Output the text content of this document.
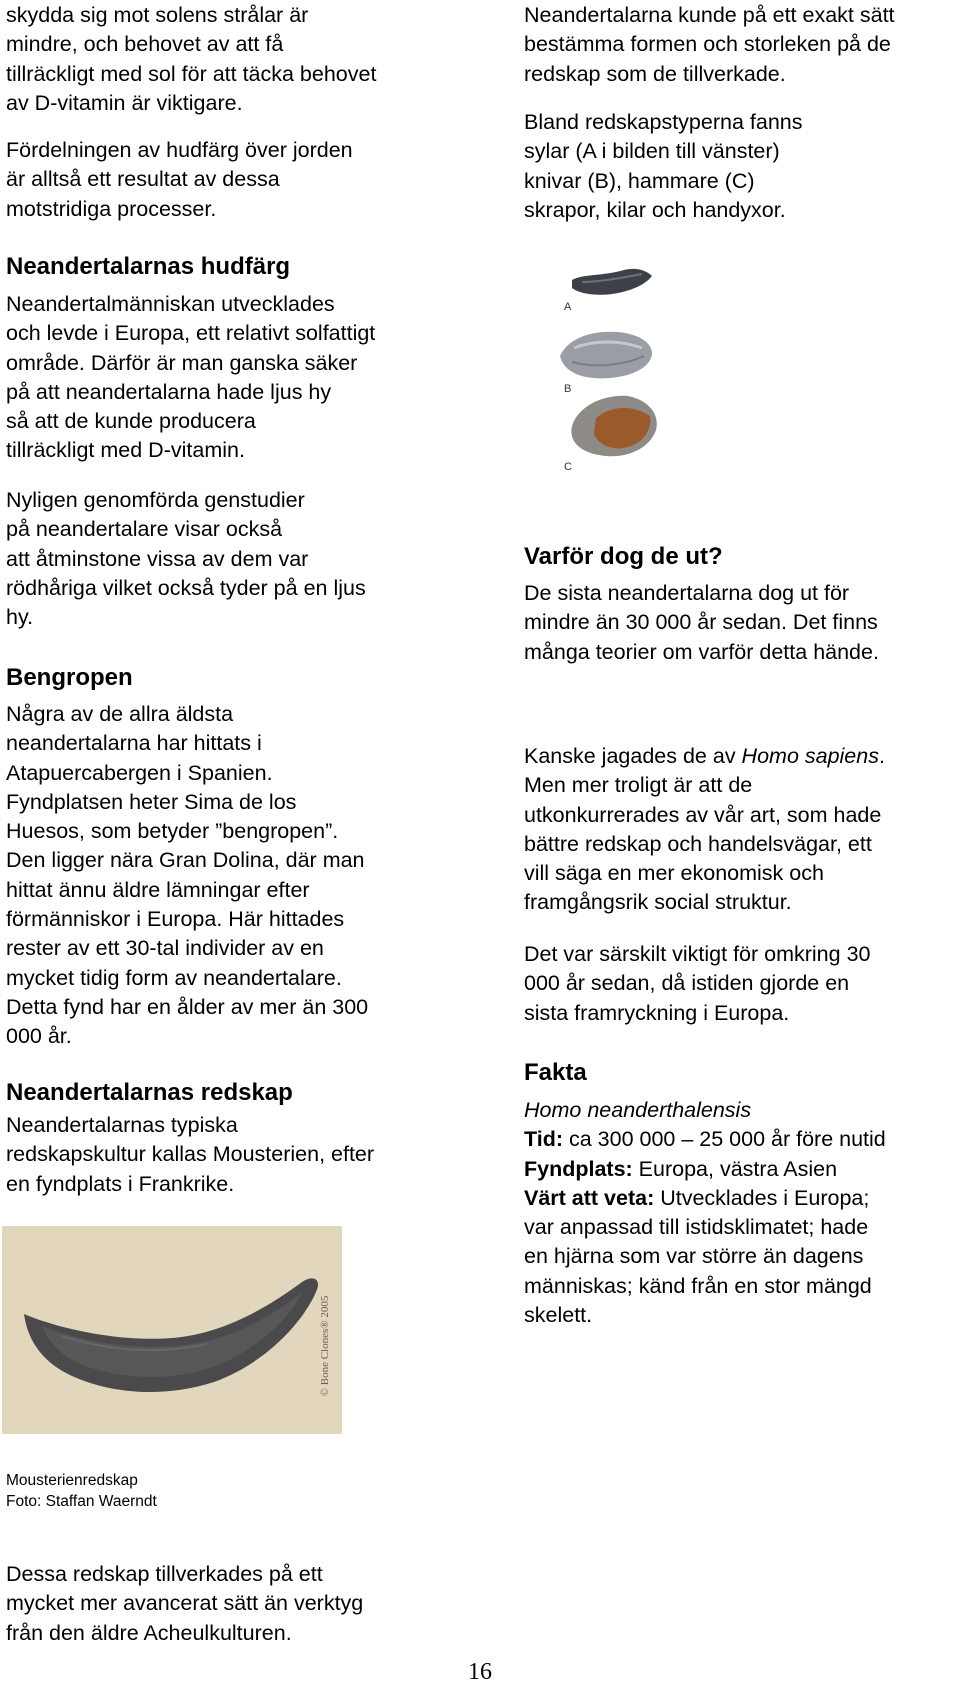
skydda sig mot solens strålar är
mindre, och behovet av att få
tillräckligt med sol för att täcka behovet
av D-vitamin är viktigare.

Fördelningen av hudfärg över jorden
är alltså ett resultat av dessa
motstridiga processer.

Neandertalarnas hudfärg

Neandertalmänniskan utvecklades
och levde i Europa, ett relativt solfattigt
område. Därför är man ganska säker
på att neandertalarna hade ljus hy
så att de kunde producera
tillräckligt med D-vitamin.

Nyligen genomförda genstudier
på neandertalare visar också
att åtminstone vissa av dem var
rödhåriga vilket också tyder på en ljus
hy.

Bengropen

Några av de allra äldsta
neandertalarna har hittats i
Atapuercabergen i Spanien.
Fyndplatsen heter Sima de los
Huesos, som betyder ”bengropen”.
Den ligger nära Gran Dolina, där man
hittat ännu äldre lämningar efter
förmänniskor i Europa. Här hittades
rester av ett 30-tal individer av en
mycket tidig form av neandertalare.
Detta fynd har en ålder av mer än 300
000 år.

Neandertalarnas redskap

Neandertalarnas typiska
redskapskultur kallas Mousterien, efter
en fyndplats i Frankrike.

© Bone Clones® 2005

Mousterienredskap
Foto: Staffan Waerndt

Dessa redskap tillverkades på ett
mycket mer avancerat sätt än verktyg
från den äldre Acheulkulturen.

Neandertalarna kunde på ett exakt sätt
bestämma formen och storleken på de
redskap som de tillverkade.

Bland redskapstyperna fanns
sylar (A i bilden till vänster)
knivar (B), hammare (C)
skrapor, kilar och handyxor.

A
B
C
Varför dog de ut?

De sista neandertalarna dog ut för
mindre än 30 000 år sedan. Det finns
många teorier om varför detta hände.

Kanske jagades de av Homo sapiens.
Men mer troligt är att de
utkonkurrerades av vår art, som hade
bättre redskap och handelsvägar, ett
vill säga en mer ekonomisk och
framgångsrik social struktur.

Det var särskilt viktigt för omkring 30
000 år sedan, då istiden gjorde en
sista framryckning i Europa.

Fakta

Homo neanderthalensis

Tid: ca 300 000 – 25 000 år före nutid

Fyndplats: Europa, västra Asien

Värt att veta: Utvecklades i Europa;
var anpassad till istidsklimatet; hade
en hjärna som var större än dagens
människas; känd från en stor mängd
skelett.

16
